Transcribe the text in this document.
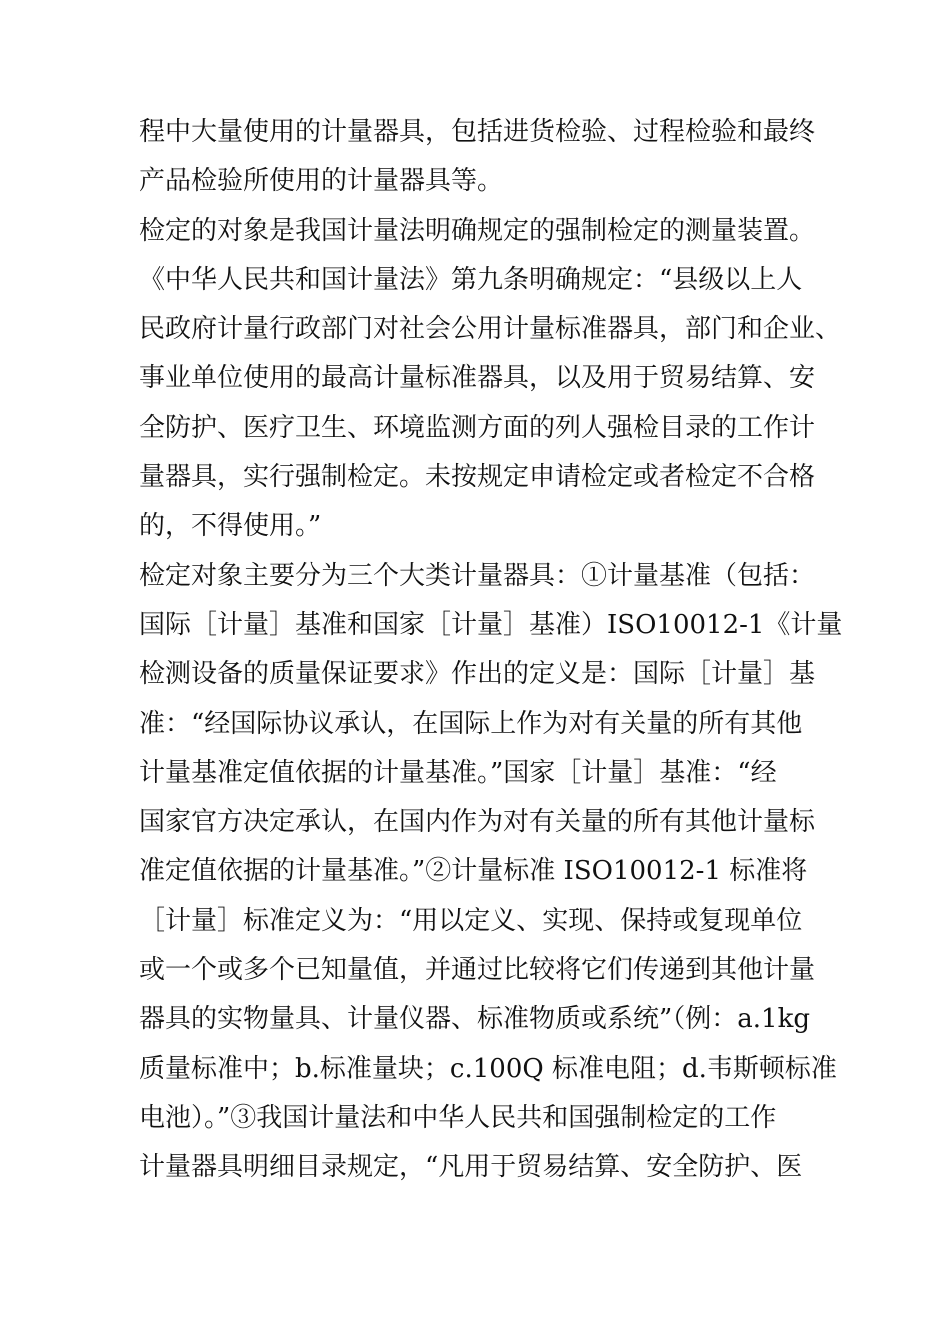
程中大量使用的计量器具，包括进货检验、过程检验和最终
产品检验所使用的计量器具等。
检定的对象是我国计量法明确规定的强制检定的测量装置。
《中华人民共和国计量法》第九条明确规定：“县级以上人
民政府计量行政部门对社会公用计量标准器具，部门和企业、
事业单位使用的最高计量标准器具，以及用于贸易结算、安
全防护、医疗卫生、环境监测方面的列人强检目录的工作计
量器具，实行强制检定。未按规定申请检定或者检定不合格
的，不得使用。”
检定对象主要分为三个大类计量器具：①计量基准（包括：
国际［计量］基准和国家［计量］基准）ISO10012-1《计量
检测设备的质量保证要求》作出的定义是：国际［计量］基
准：“经国际协议承认，在国际上作为对有关量的所有其他
计量基准定值依据的计量基准。”国家［计量］基准：“经
国家官方决定承认，在国内作为对有关量的所有其他计量标
准定值依据的计量基准。”②计量标准 ISO10012-1 标准将
［计量］标准定义为：“用以定义、实现、保持或复现单位
或一个或多个已知量值，并通过比较将它们传递到其他计量
器具的实物量具、计量仪器、标准物质或系统”（例：a.1kg
质量标准中；b.标准量块；c.100Q 标准电阻；d.韦斯顿标准
电池）。”③我国计量法和中华人民共和国强制检定的工作
计量器具明细目录规定，“凡用于贸易结算、安全防护、医
